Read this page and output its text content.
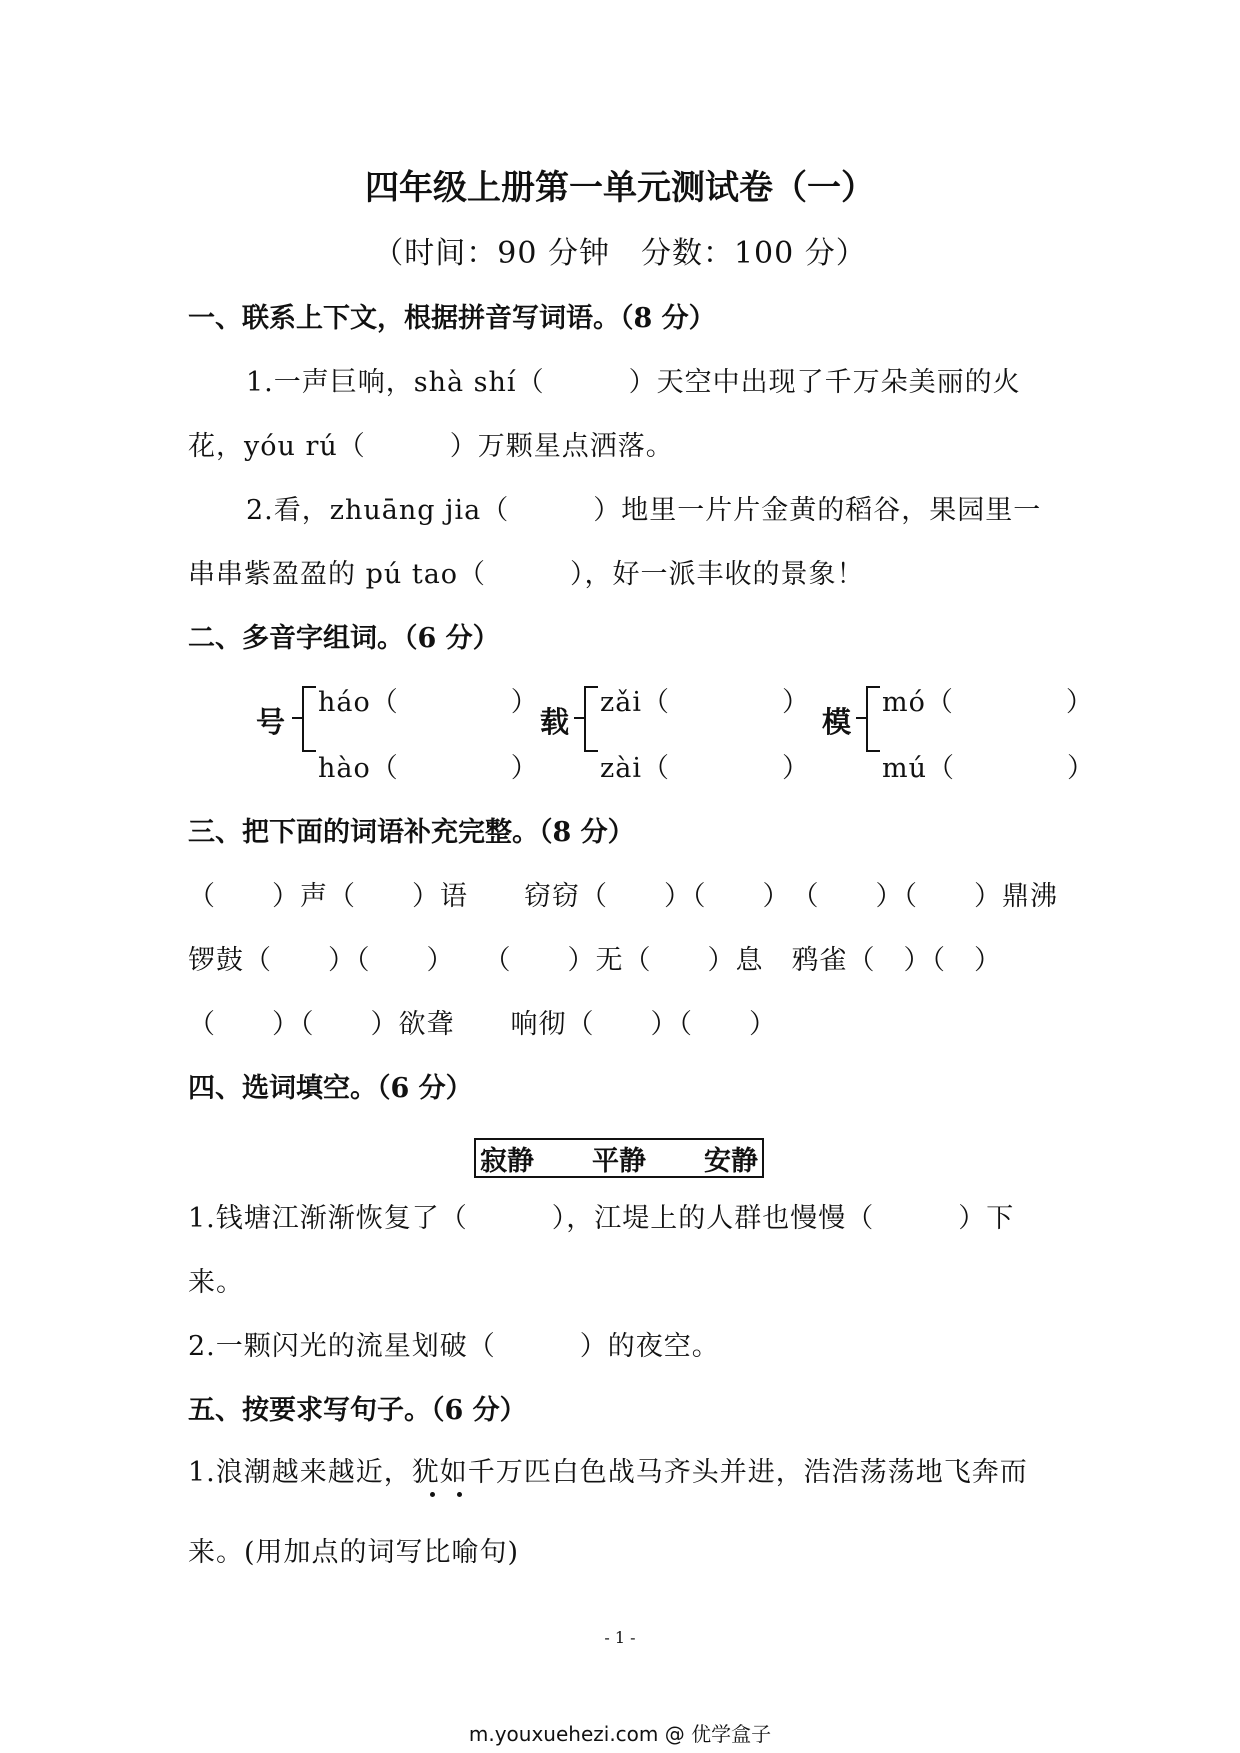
四年级上册第一单元测试卷（一）
（时间：90 分钟　分数：100 分）
一、联系上下文，根据拼音写词语。（8 分）
1.一声巨响，shà shí（　　　）天空中出现了千万朵美丽的火
花，yóu rú（　　　）万颗星点洒落。
2.看，zhuāng jia（　　　）地里一片片金黄的稻谷，果园里一
串串紫盈盈的 pú tao（　　　），好一派丰收的景象！
二、多音字组词。（6 分）
号
háo（　　　　）
hào（　　　　）
载
zǎi（　　　　）
zài（　　　　）
模
mó（　　　　）
mú（　　　　）
三、把下面的词语补充完整。（8 分）
（　　）声（　　）语　　窃窃（　　）（　　）　（　　）（　　）鼎沸
锣鼓（　　）（　　）　　（　　）无（　　）息　鸦雀（　）（　）
（　　）（　　）欲聋　　响彻（　　）（　　）
四、选词填空。（6 分）
寂静 平静 安静
1.钱塘江渐渐恢复了（　　　），江堤上的人群也慢慢（　　　）下
来。
2.一颗闪光的流星划破（　　　）的夜空。
五、按要求写句子。（6 分）
1.浪潮越来越近，犹如千万匹白色战马齐头并进，浩浩荡荡地飞奔而
来。(用加点的词写比喻句)
- 1 -
m.youxuehezi.com @ 优学盒子
